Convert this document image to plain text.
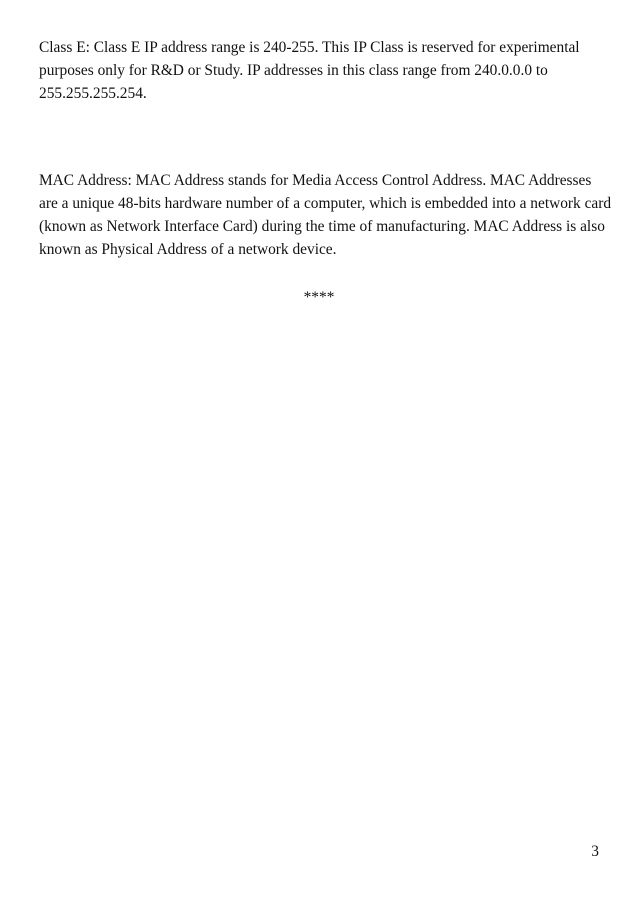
Class E: Class E IP address range is 240-255. This IP Class is reserved for experimental
purposes only for R&D or Study. IP addresses in this class range from 240.0.0.0 to
255.255.255.254.

MAC Address: MAC Address stands for Media Access Control Address. MAC Addresses
are a unique 48-bits hardware number of a computer, which is embedded into a network card
(known as Network Interface Card) during the time of manufacturing. MAC Address is also
known as Physical Address of a network device.

****
3
